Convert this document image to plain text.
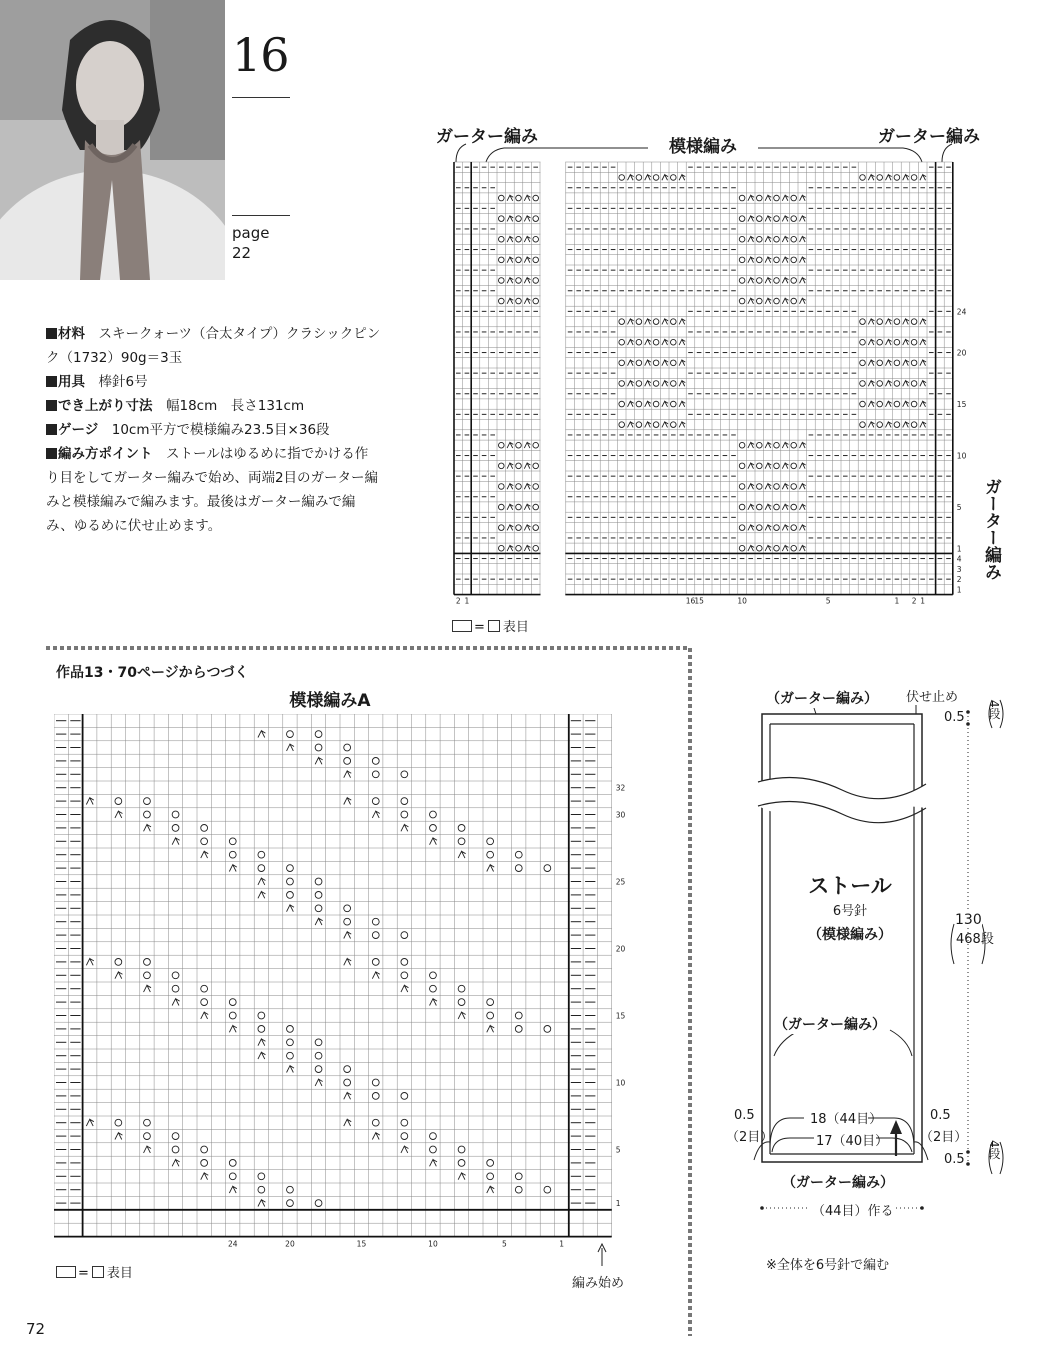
16
page
22

材料　 スキークォーツ（合太タイプ）クラシックピンク（1732）90g＝3玉

用具　 棒針6号

でき上がり寸法　 幅18cm　長さ131cm

ゲージ　 10cm平方で模様編み23.5目×36段

編み方ポイント　 ストールはゆるめに指でかける作り目をしてガーター編みで始め、両端2目のガーター編みと模様編みで編みます。最後はガーター編みで編み、ゆるめに伏せ止めます。

ガーター編み	模様編み	ガーター編み
ガーター編み
24
20
15
10
5
1
4
3
2
1
16 15	10	5	1 2 1
2 1
= 表目
作品13・70ページからつづく
模様編みA
32
30
25
20
15
10
5
1
24	20	15	10	5	1
= 表目
編み始め
（ガーター編み） 伏せ止め
0.5 4段
ストール
6号針
（模様編み）
（ガーター編み）
130
468段
0.5
（2目）
0.5
（2目）
18（44目）
17（40目）
0.5 4段
（ガーター編み）
（44目）作る
※全体を6号針で編む
72
